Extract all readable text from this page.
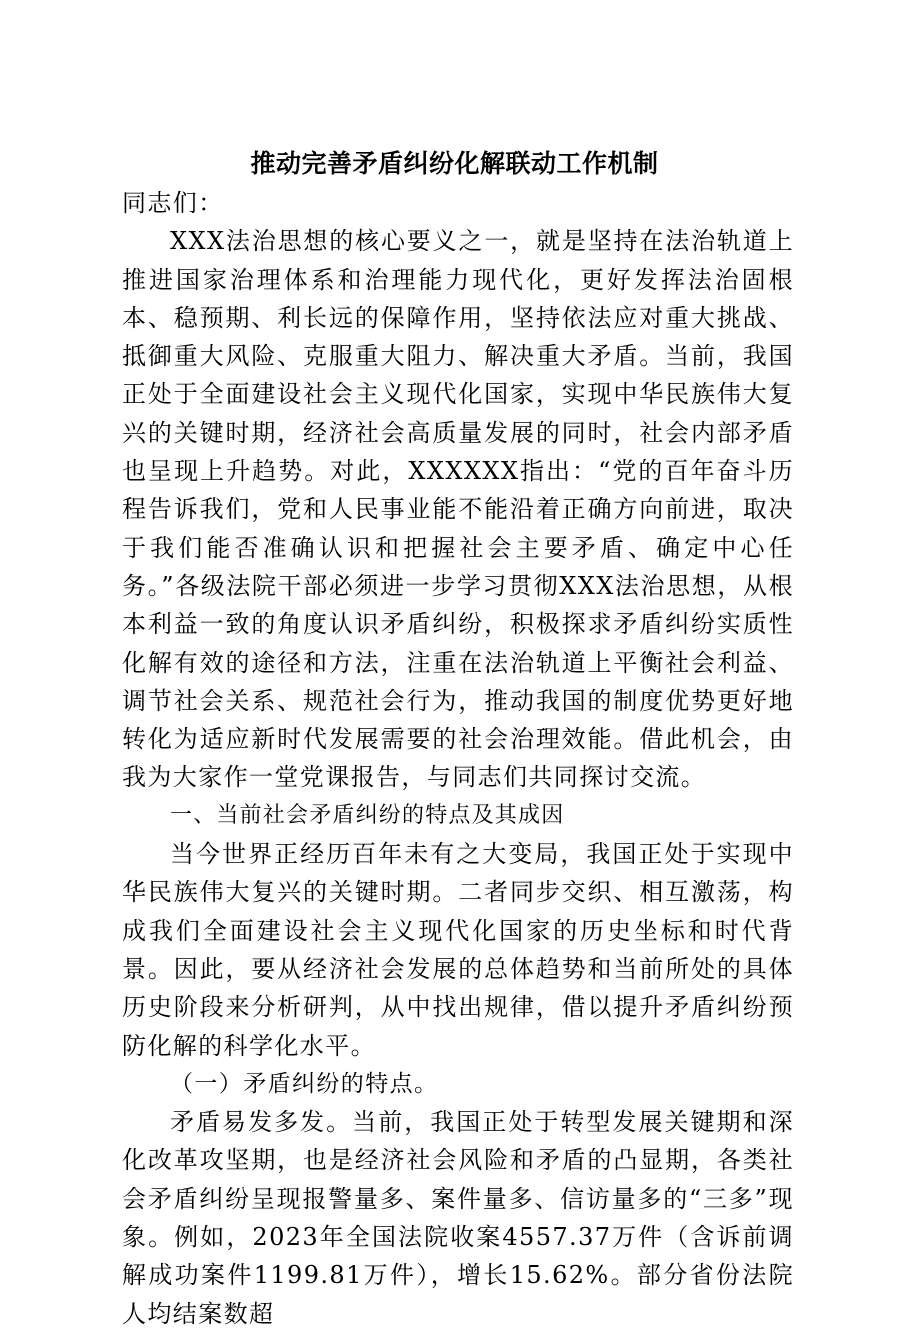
推动完善矛盾纠纷化解联动工作机制

同志们：

XXX法治思想的核心要义之一，就是坚持在法治轨道上推进国家治理体系和治理能力现代化，更好发挥法治固根本、稳预期、利长远的保障作用，坚持依法应对重大挑战、抵御重大风险、克服重大阻力、解决重大矛盾。当前，我国正处于全面建设社会主义现代化国家，实现中华民族伟大复兴的关键时期，经济社会高质量发展的同时，社会内部矛盾也呈现上升趋势。对此，XXXXXX指出：“党的百年奋斗历程告诉我们，党和人民事业能不能沿着正确方向前进，取决于我们能否准确认识和把握社会主要矛盾、确定中心任务。”各级法院干部必须进一步学习贯彻XXX法治思想，从根本利益一致的角度认识矛盾纠纷，积极探求矛盾纠纷实质性化解有效的途径和方法，注重在法治轨道上平衡社会利益、调节社会关系、规范社会行为，推动我国的制度优势更好地转化为适应新时代发展需要的社会治理效能。借此机会，由我为大家作一堂党课报告，与同志们共同探讨交流。

一、当前社会矛盾纠纷的特点及其成因

当今世界正经历百年未有之大变局，我国正处于实现中华民族伟大复兴的关键时期。二者同步交织、相互激荡，构成我们全面建设社会主义现代化国家的历史坐标和时代背景。因此，要从经济社会发展的总体趋势和当前所处的具体历史阶段来分析研判，从中找出规律，借以提升矛盾纠纷预防化解的科学化水平。

（一）矛盾纠纷的特点。

矛盾易发多发。当前，我国正处于转型发展关键期和深化改革攻坚期，也是经济社会风险和矛盾的凸显期，各类社会矛盾纠纷呈现报警量多、案件量多、信访量多的“三多”现象。例如，2023年全国法院收案4557.37万件（含诉前调解成功案件1199.81万件），增长15.62%。部分省份法院人均结案数超
